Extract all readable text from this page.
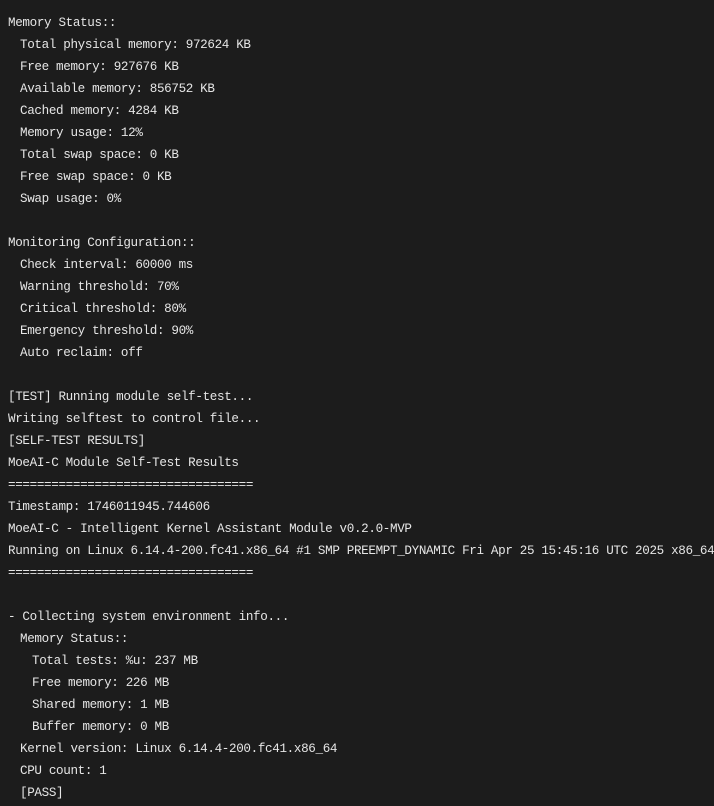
Memory Status::
Total physical memory: 972624 KB
Free memory: 927676 KB
Available memory: 856752 KB
Cached memory: 4284 KB
Memory usage: 12%
Total swap space: 0 KB
Free swap space: 0 KB
Swap usage: 0%
Monitoring Configuration::
Check interval: 60000 ms
Warning threshold: 70%
Critical threshold: 80%
Emergency threshold: 90%
Auto reclaim: off
[TEST] Running module self-test...
Writing selftest to control file...
[SELF-TEST RESULTS]
MoeAI-C Module Self-Test Results
==================================
Timestamp: 1746011945.744606
MoeAI-C - Intelligent Kernel Assistant Module v0.2.0-MVP
Running on Linux 6.14.4-200.fc41.x86_64 #1 SMP PREEMPT_DYNAMIC Fri Apr 25 15:45:16 UTC 2025 x86_64
==================================
- Collecting system environment info...
Memory Status::
Total tests: %u: 237 MB
Free memory: 226 MB
Shared memory: 1 MB
Buffer memory: 0 MB
Kernel version: Linux 6.14.4-200.fc41.x86_64
CPU count: 1
[PASS]
